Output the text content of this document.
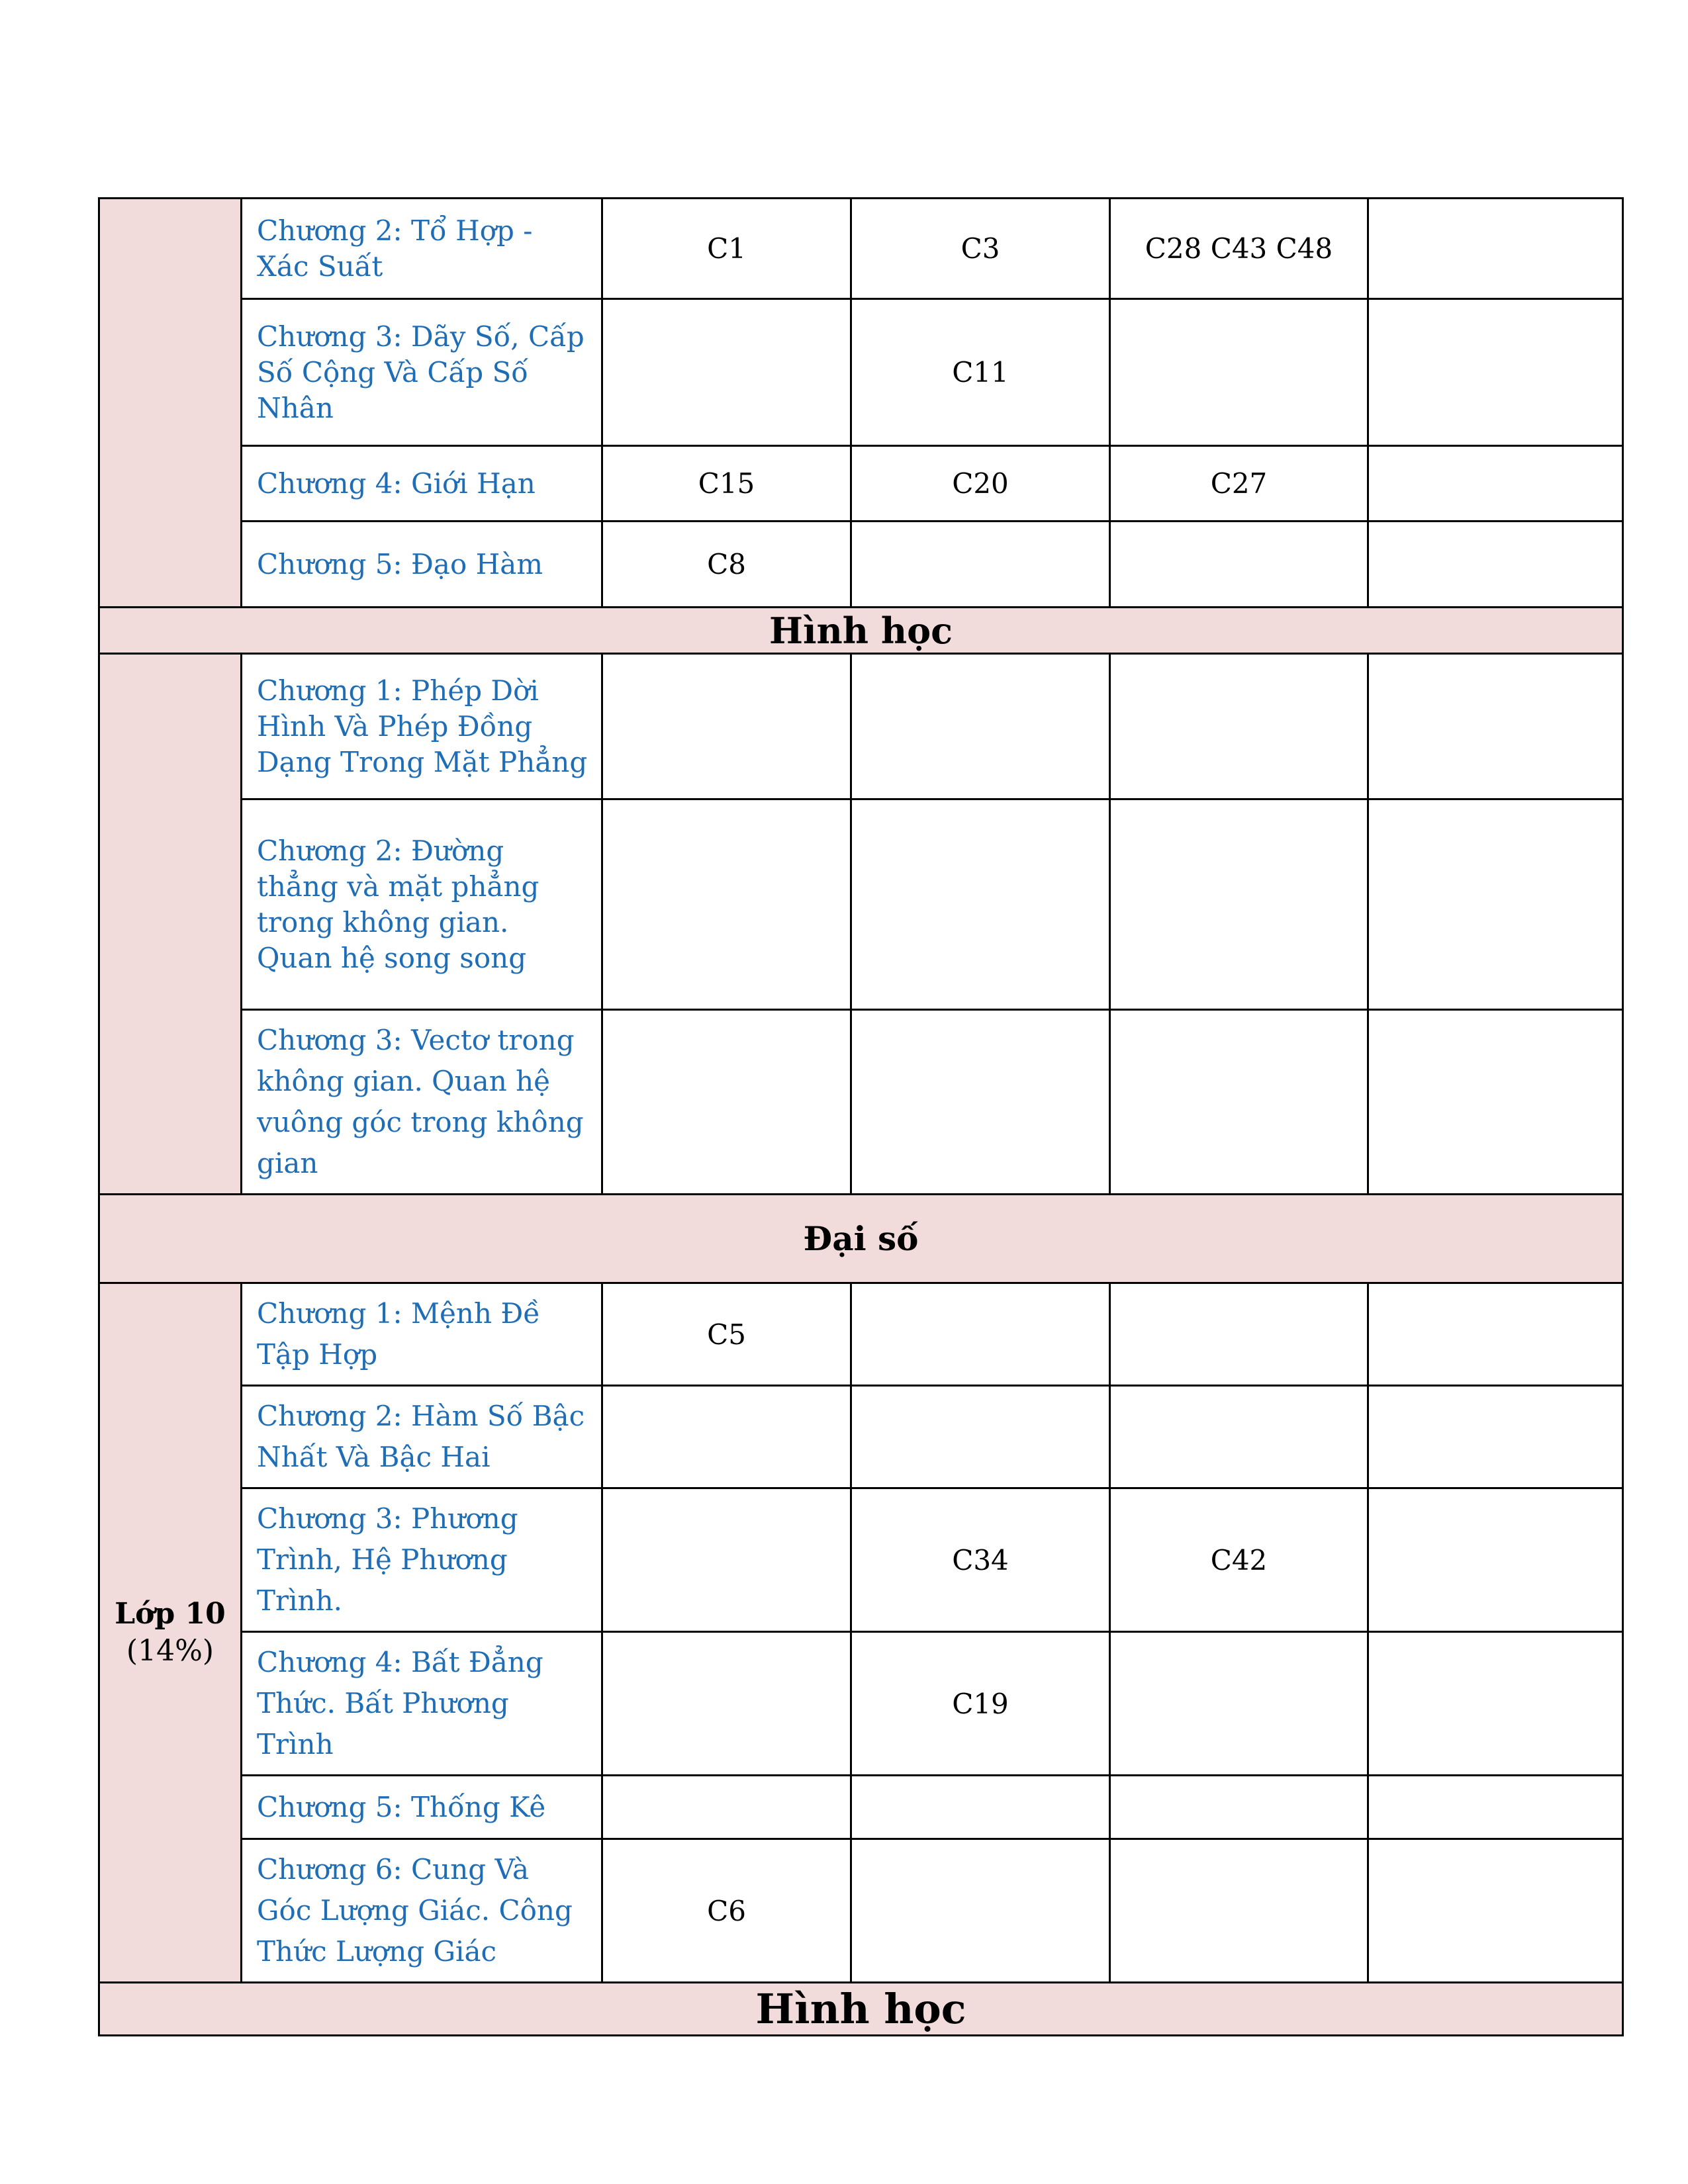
	Chương 2: Tổ Hợp - Xác Suất	C1	C3	C28 C43 C48	
	Chương 3: Dãy Số, Cấp Số Cộng Và Cấp Số Nhân		C11		
	Chương 4: Giới Hạn	C15	C20	C27	
	Chương 5: Đạo Hàm	C8			
Hình học					
	Chương 1: Phép Dời Hình Và Phép Đồng Dạng Trong Mặt Phẳng				
	Chương 2: Đường thẳng và mặt phẳng trong không gian. Quan hệ song song				
	Chương 3: Vectơ trong không gian. Quan hệ vuông góc trong không gian				
Đại số					
Lớp 10
(14%)	Chương 1: Mệnh Đề Tập Hợp	C5			
	Chương 2: Hàm Số Bậc Nhất Và Bậc Hai				
	Chương 3: Phương Trình, Hệ Phương Trình.		C34	C42	
	Chương 4: Bất Đẳng Thức. Bất Phương Trình		C19		
	Chương 5: Thống Kê				
	Chương 6: Cung Và Góc Lượng Giác. Công Thức Lượng Giác	C6			
Hình học					
